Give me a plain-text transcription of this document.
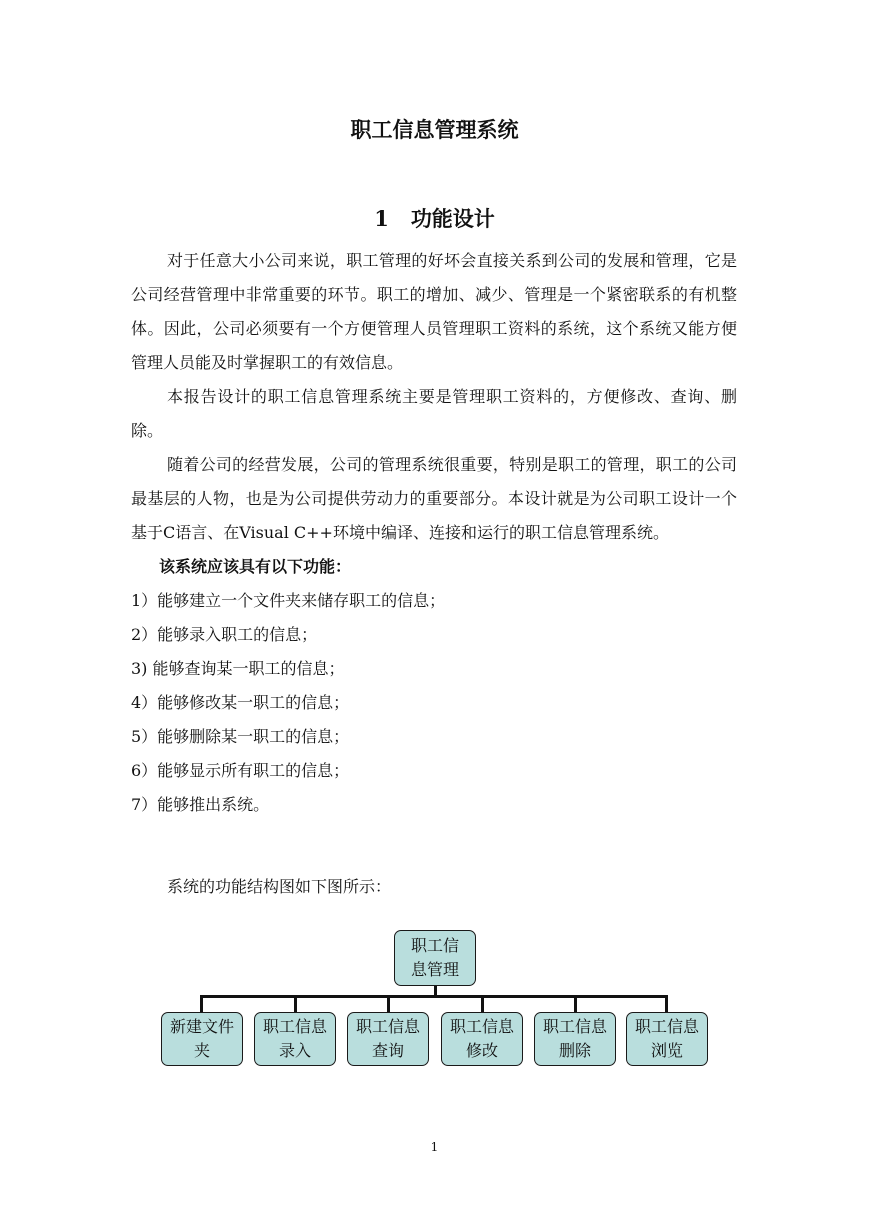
职工信息管理系统
1 功能设计

对于任意大小公司来说，职工管理的好坏会直接关系到公司的发展和管理，它是公司经营管理中非常重要的环节。职工的增加、减少、管理是一个紧密联系的有机整体。因此，公司必须要有一个方便管理人员管理职工资料的系统，这个系统又能方便管理人员能及时掌握职工的有效信息。

本报告设计的职工信息管理系统主要是管理职工资料的，方便修改、查询、删除。

随着公司的经营发展，公司的管理系统很重要，特别是职工的管理，职工的公司最基层的人物，也是为公司提供劳动力的重要部分。本设计就是为公司职工设计一个基于C语言、在Visual C++环境中编译、连接和运行的职工信息管理系统。

该系统应该具有以下功能：
1）能够建立一个文件夹来储存职工的信息；
2）能够录入职工的信息；
3) 能够查询某一职工的信息；
4）能够修改某一职工的信息；
5）能够删除某一职工的信息；
6）能够显示所有职工的信息；
7）能够推出系统。
系统的功能结构图如下图所示：
职工信
息管理
新建文件
夹
职工信息
录入
职工信息
查询
职工信息
修改
职工信息
删除
职工信息
浏览
1
